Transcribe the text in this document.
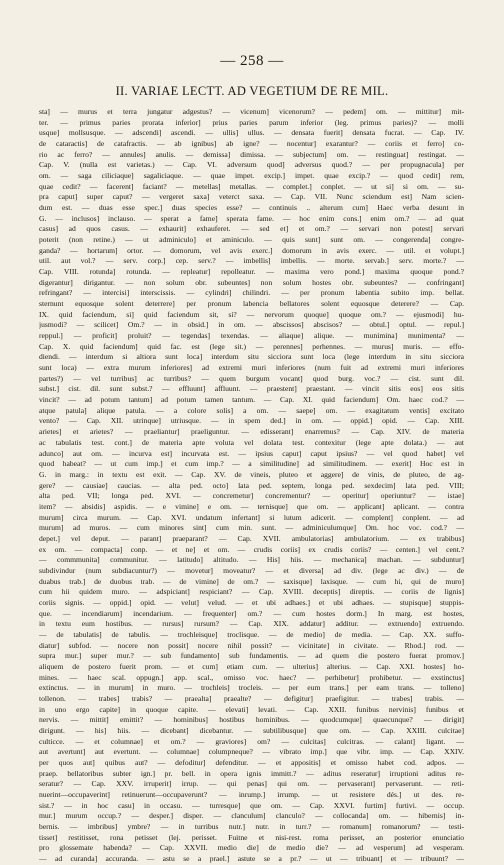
— 258 —
II. VARIAE LECTT. AD VEGETIUM DE RE MIL.
sta] — murus et terra jungatur adgestus? — vicenum] vicenorum? — pedem] om. — mittitur] mit-
ter. — primus paries prorata inferior] prius paries parum inferior (leg. primus paries)? — molli
usque] mollsusque. — adscendi] ascendi. — ullis] ullus. — densata fuerit] densata fucrat. — Cap. IV.
de cataractis] de catafractis. — ab ignibus] ab igne? — nocentur] exarantur? — coriis et ferro] co-
rio ac ferro? — annules] anulis. — demissa] dimissa. — subjectum] om. — restinguat] restingat. —
Cap. V. (nulla est varietas.) — Cap. VI. adversum quod] adversus quod.? — per propugnacula] per
om. — saga ciliciaque] sagaliciaque. — quae impet. excip.] impet. quae excip.? — quod cedit] rem,
quae cedit? — facerent] faciant? — metellas] metallas. — complet.] conplet. — ut si] si om. — su-
pra caput] super caput? — vergeret saxa] veterct saxa. — Cap. VII. Nunc sciendum est] Nam scien-
dum est. — duas esse spec.] duas species esse? — continuis .. alterum cum] Haec verba desunt in
G. — inclusos] inclauso. — sperat a fame] sperata fame. — hoc enim cons.] enim om.? — ad quat
casus] ad quos casus. — exhaurit] exhauferet. — sed et] et om.? — servari non potest] servari
poterit (non retine.) — ut adminiculo] et aminiculo. — quis sunt] sunt om. — congerenda] congre-
ganda? — hortarum] ortor. — domorum, vel avis exerc.] domorum in avis exerc. — util. et volupt.]
util. aut vol.? — serv. corp.] cep. serv.? — imbellis] imbellis. — morte. servab.] serv. morte.? —
Cap. VIII. rotunda] rotunda. — repleatur] repolleatur. — maxima vero pond.] maxima quoque pond.?
digerantur] dirigantur. — non solum obr. subeuntes] non solum hostes obr. subeuntes? — confringant]
refringant? — intercisi] interscissis. — cylindri] chilindri. — per pronum labentia subito imp. bellat.
sternunt equosque solent deterrere] per pronum labencia bellatores solent equosque deterere? — Cap.
IX. quid faciendum, si] quid faciendum sit, si? — nervorum quoque] quoque om.? — ejusmodi] hu-
jusmodi? — scilicet] Om.? — in obsid.] in om. — abscissos] abscisos? — obtul.] optul. — repul.]
reppul.] — proficit] proluit? — tegendas] texendas. — aliaque] alique. — munimina] munimenta? —
Cap. X. quid faciendum] quid fac. est (lege sit.) — perennes] perhennes. — murus] muris. — effo-
diendi. — interdum si altiora sunt loca] interdum situ sicciora sunt loca (lege interdum in situ sicciora
sunt loca) — extra murum inferiores] ad extremi muri inferiores (num fuit ad extremi muri inferiores
partes?) — vel turribus] ac turribus? — quem burgum vocant] quod burg. voc.? — cist. sunt dil.
subst.] cist. dil. sunt subst.? — effluunt] affluunt. — praestent] praestant. — vincit sitis eos] eos sitis
vincit? — ad potum tantum] ad potum tamen tantum. — Cap. XI. quid faciendum] Om. haec cod.? —
atque patula] alique patula. — a colore solis] a om. — saepe] om. — exagitatum ventis] excitato
vento? — Cap. XII. utrinque] utriusque. — in spem ded.] in om. — oppid.] opid. — Cap. XIII.
arietes] et arietes? — praeliantur] praeliguntur. — edisserant] enarremus? — Cap. XIV. de materia
ac tabulatis test. cont.] de materia apte voluta vel dolata test. contexitur (lege apte dolata.) — aut
adunco] aut om. — incurva est] incurvata est. — ipsius caput] caput ipsius? — vel quod habet] vel
quod habeat? — ut cum imp.] et cum imp.? — a similitudine] ad similitudinem. — exerit] Hoc est in
G. in marg.: in textu est exit. — Cap. XV. de vineis, pluteo et aggere] de vinis, de pluteo, de ag-
gere? — causiae] caucias. — alta ped. octo] lata ped. septem, longa ped. sexdecim] lata ped. VIII;
alta ped. VII; longa ped. XVI. — concremetur] concrementur? — operitur] operiuntur? — istae]
item? — absidis] aspidis. — e vimine] e om. — ternisque] que om. — applicant] aplicant. — contra
murum] circa murum. — Cap. XVI. undatum infertant] si lutum adicerit. — complent] conplent. — ad
murum] ad muros. — cum minores sint] cum min. sunt. — adminiculumque] Om. hoc voc. cod.? —
depet.] vel deput. — parant] praeparant? — Cap. XVII. ambulatorias] ambulatorium. — ex trabibus]
ex om. — compacta] conp. — et ne] et om. — crudis coriis] ex crudis coriis? — centen.] vel cent.?
— commmunita] communitur. — latitudo] altitudo. — His] hiis. — mechanica] machan. — subduntur]
subdivindur (num subdiacuntur?) — movetur] moveatur? — et diversa] ad div. (lege ac div.) — de
duabus trab.] de duobus trab. — de vimine] de om.? — saxisque] laxisque. — cum hi, qui de muro]
cum hii quidem muro. — adspiciant] respiciant? — Cap. XVIII. deceptis] direptis. — coriis de lignis]
coriis signis. — oppid.] opid. — velut] velud. — et ubi adhaes.] et ubi adhaes. — stupisque] stuppis-
que. — incendiarum] incendarium. — frequenter] om.? — cum hostes dorm.] In marg. est hostes,
in textu eum hostibus. — rursus] rursum? — Cap. XIX. addatur] additur. — extruendo] extruendo.
— de tabulatis] de tabulis. — trochleisque] troclisque. — de medio] de media. — Cap. XX. suffo-
diatur] subfod. — nocere non possit] nocere nihil possit? — vicinitate] in civitate. — Rhod.] rod. —
supra mur.] super mur.? — sub fundamento] sub fundamentis. — ad quem die postero fuerat promov.]
aliquem de postero fuerit prom. — et cum] etiam cum. — ulterius] alterius. — Cap. XXI. hostes] ho-
mines. — haec scal. oppugn.] app. scal., omisso voc. haec? — perhibetur] prohibetur. — exstinctus]
extinctus. — in murum] in muro. — trochleis] trocleis. — per eum trans.] per eam trans. — tolleno]
tollenon. — trabes] trabis? — praealta] praealte? — defigitur] praefigitur. — trabes] trabis. —
in uno ergo capite] in quoque capite. — elevati] levati. — Cap. XXII. funibus nervinis] funibus et
nervis. — mittit] emittit? — hominibus] hostibus hominibus. — quodcumque] quaecunque? — dirigit]
dirigunt. — his] hiis. — dicebant] dicebantur. — subtilibusque] que om. — Cap. XXIII. culcitae]
culticce. — et columnae] et om.? — graviores] om? — culcitas] culcitras. — calant] ligant. —
aut avertunt] aut evertunt. — columnae] columpneque? — vibrato imp.] que vibr. imp. — Cap. XXIV.
per quos aut] quibus aut? — defoditur] defenditur. — et appositis] et omisso habet cod. adpos. —
praep. bellatoribus subter ign.] pr. bell. in opera ignis immitt.? — aditus reseratur] irruptioni aditus re-
seratur? — Cap. XXV. irruperit] irrup. — qui penas] qui om. — pervaserant] pervaserunt. — reti-
nuerint—occupaverint] retinuerunt—occupaverunt? — inrump.] irrump. — ut resistere dés.] ut des. re-
sist.? — in hoc casu] in occasu. — turresque] que om. — Cap. XXVI. furtim] furtivi. — occup.
mur.] murum occup.? — desper.] disper. — clanculum] clanculo? — collocanda] om. — hibernis] in-
bernis. — imbribus] ymbre? — in turribus nutr.] nutr. in turr.? — romanum] romanorum? — testi-
tisset] restitisset, rona petisset (lej. perisset. Fuitne et nisi-rest. roma perisset, an posterior enunciatio
pro glossemate habenda? — Cap. XXVII. medio die] de medio die? — ad vesperum] ad vesperam.
— ad curanda] accuranda. — astu se a prael.] astute se a pr.? — ut — tribuant] et — tribuunt? —
